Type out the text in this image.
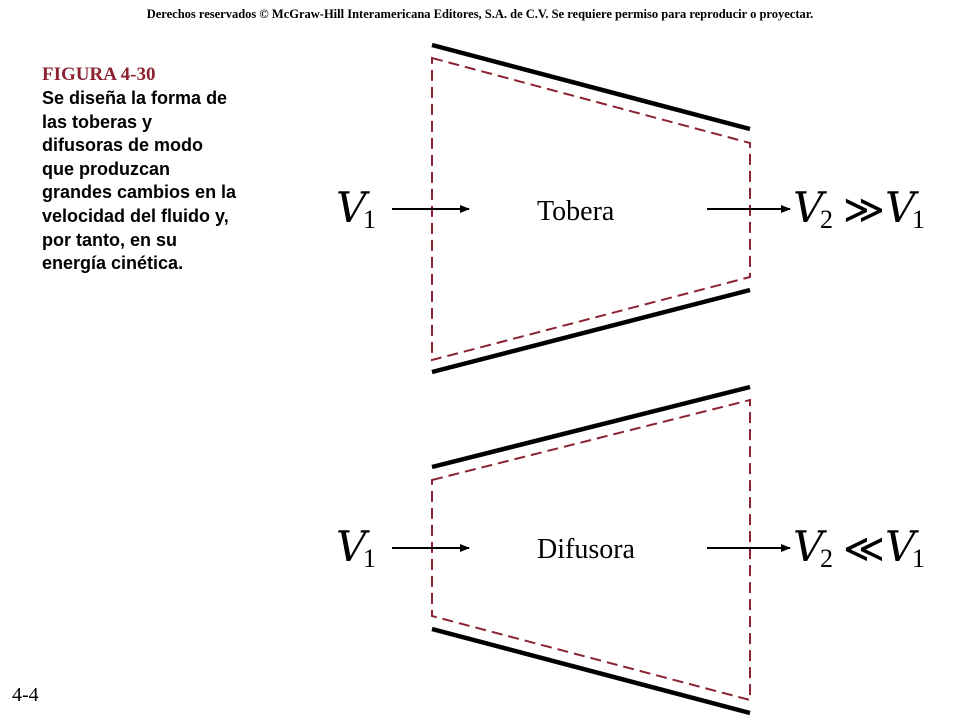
Derechos reservados © McGraw-Hill Interamericana Editores, S.A. de C.V. Se requiere permiso para reproducir o proyectar.
FIGURA 4-30
Se diseña la forma de
las toberas y
difusoras de modo
que produzcan
grandes cambios en la
velocidad del fluido y,
por tanto, en su
energía cinética.
Tobera
V
1	V
2 ≫ V
1
Difusora
V
1	V
2 ≪ V
1
4-4
